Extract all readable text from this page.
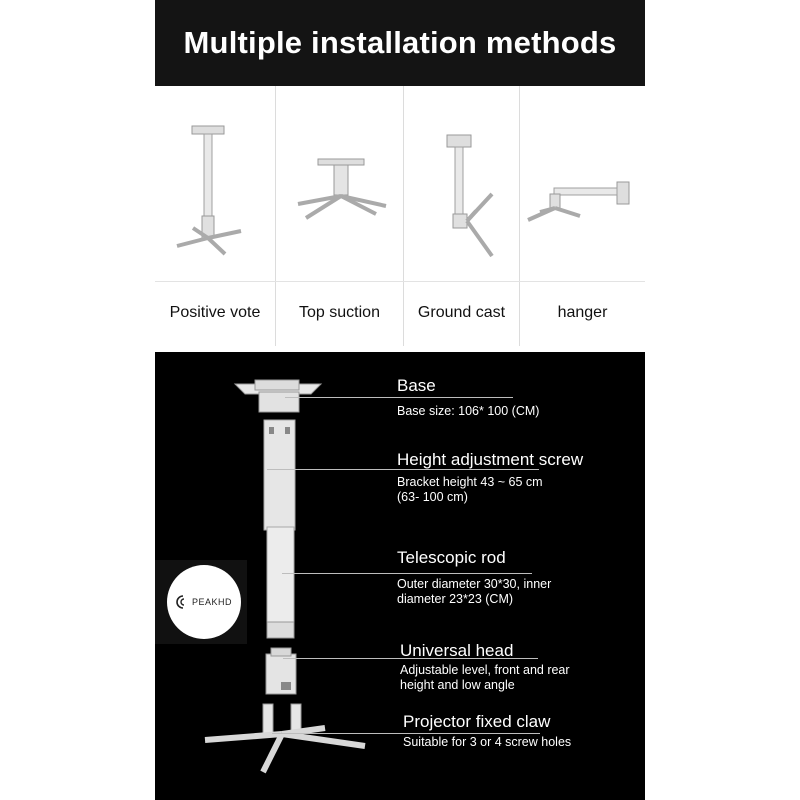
Multiple installation methods
Positive vote	Top suction	Ground cast	hanger
Base
Base size: 106* 100 (CM)
Height adjustment screw
Bracket height 43 ~ 65 cm
(63- 100 cm)
Telescopic rod
Outer diameter 30*30, inner
diameter 23*23 (CM)
Universal head
Adjustable level, front and rear
height and low angle
Projector fixed claw
Suitable for 3 or 4 screw holes
PEAKHD
